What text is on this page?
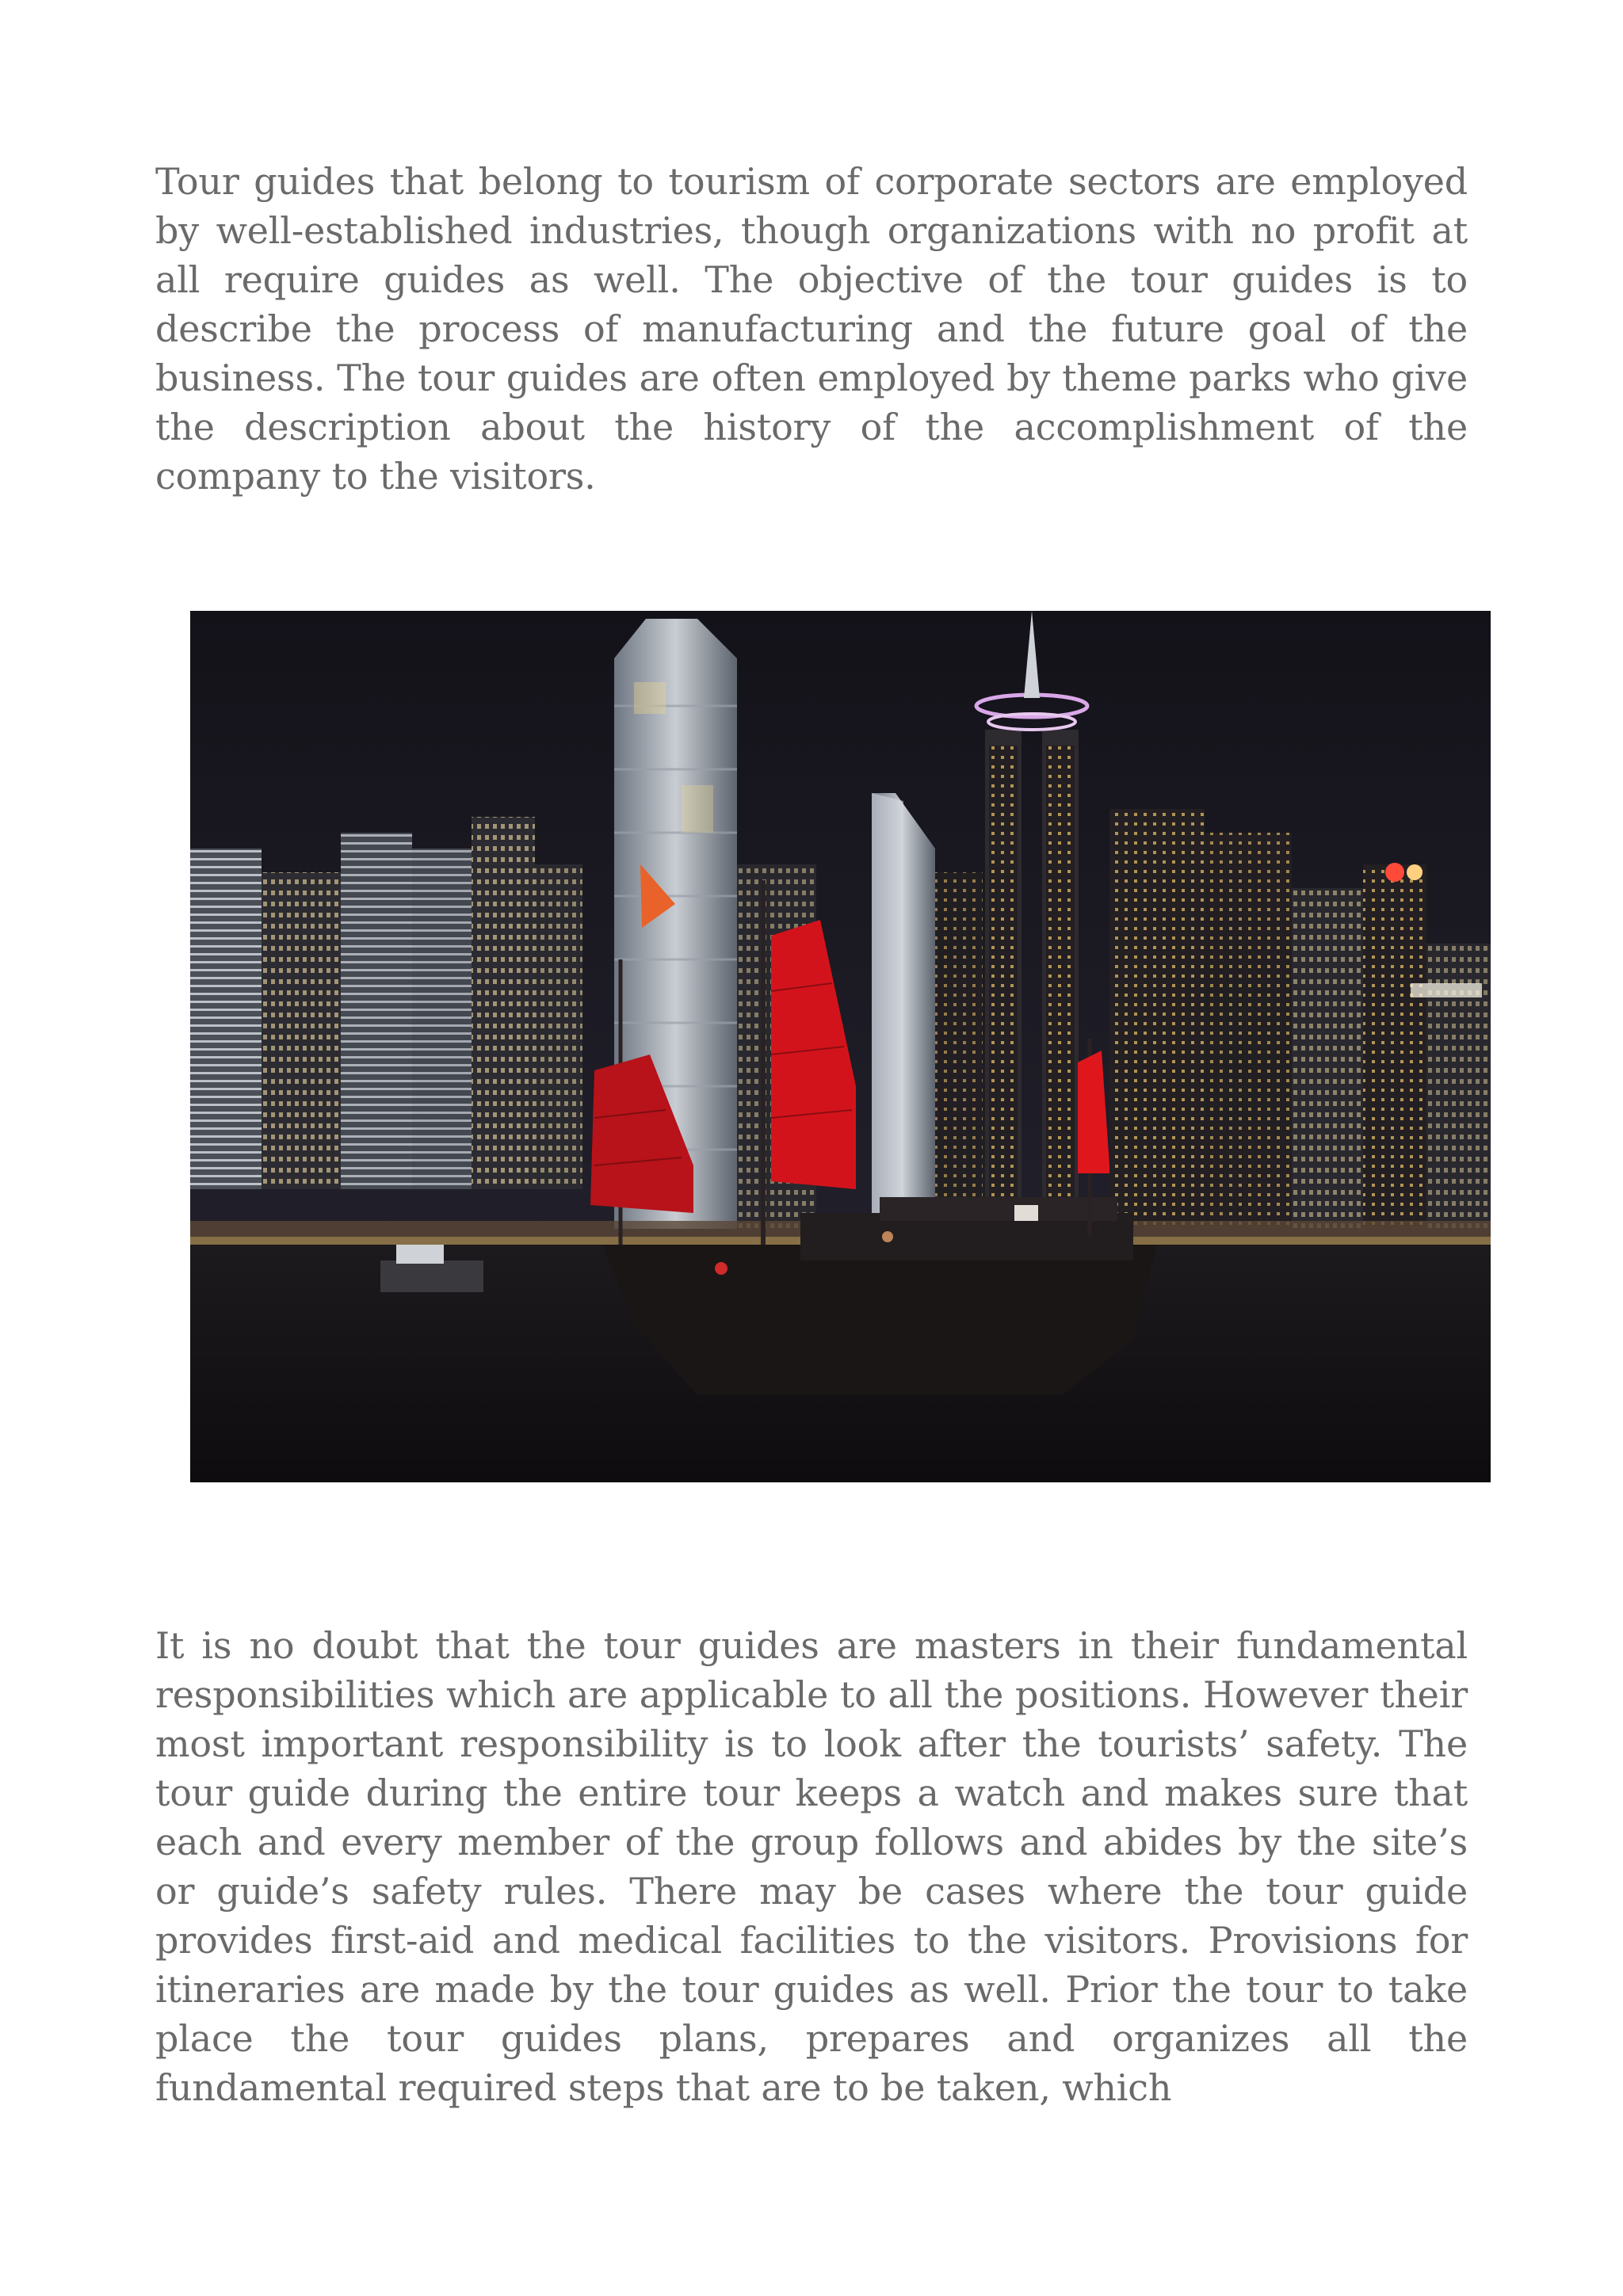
Tour guides that belong to tourism of corporate sectors are employed by well-established industries, though organizations with no profit at all require guides as well. The objective of the tour guides is to describe the process of manufacturing and the future goal of the business. The tour guides are often employed by theme parks who give the description about the history of the accomplishment of the company to the visitors.

It is no doubt that the tour guides are masters in their fundamental responsibilities which are applicable to all the positions. However their most important responsibility is to look after the tourists’ safety. The tour guide during the entire tour keeps a watch and makes sure that each and every member of the group follows and abides by the site’s or guide’s safety rules. There may be cases where the tour guide provides first-aid and medical facilities to the visitors. Provisions for itineraries are made by the tour guides as well. Prior the tour to take place the tour guides plans, prepares and organizes all the fundamental required steps that are to be taken, which
